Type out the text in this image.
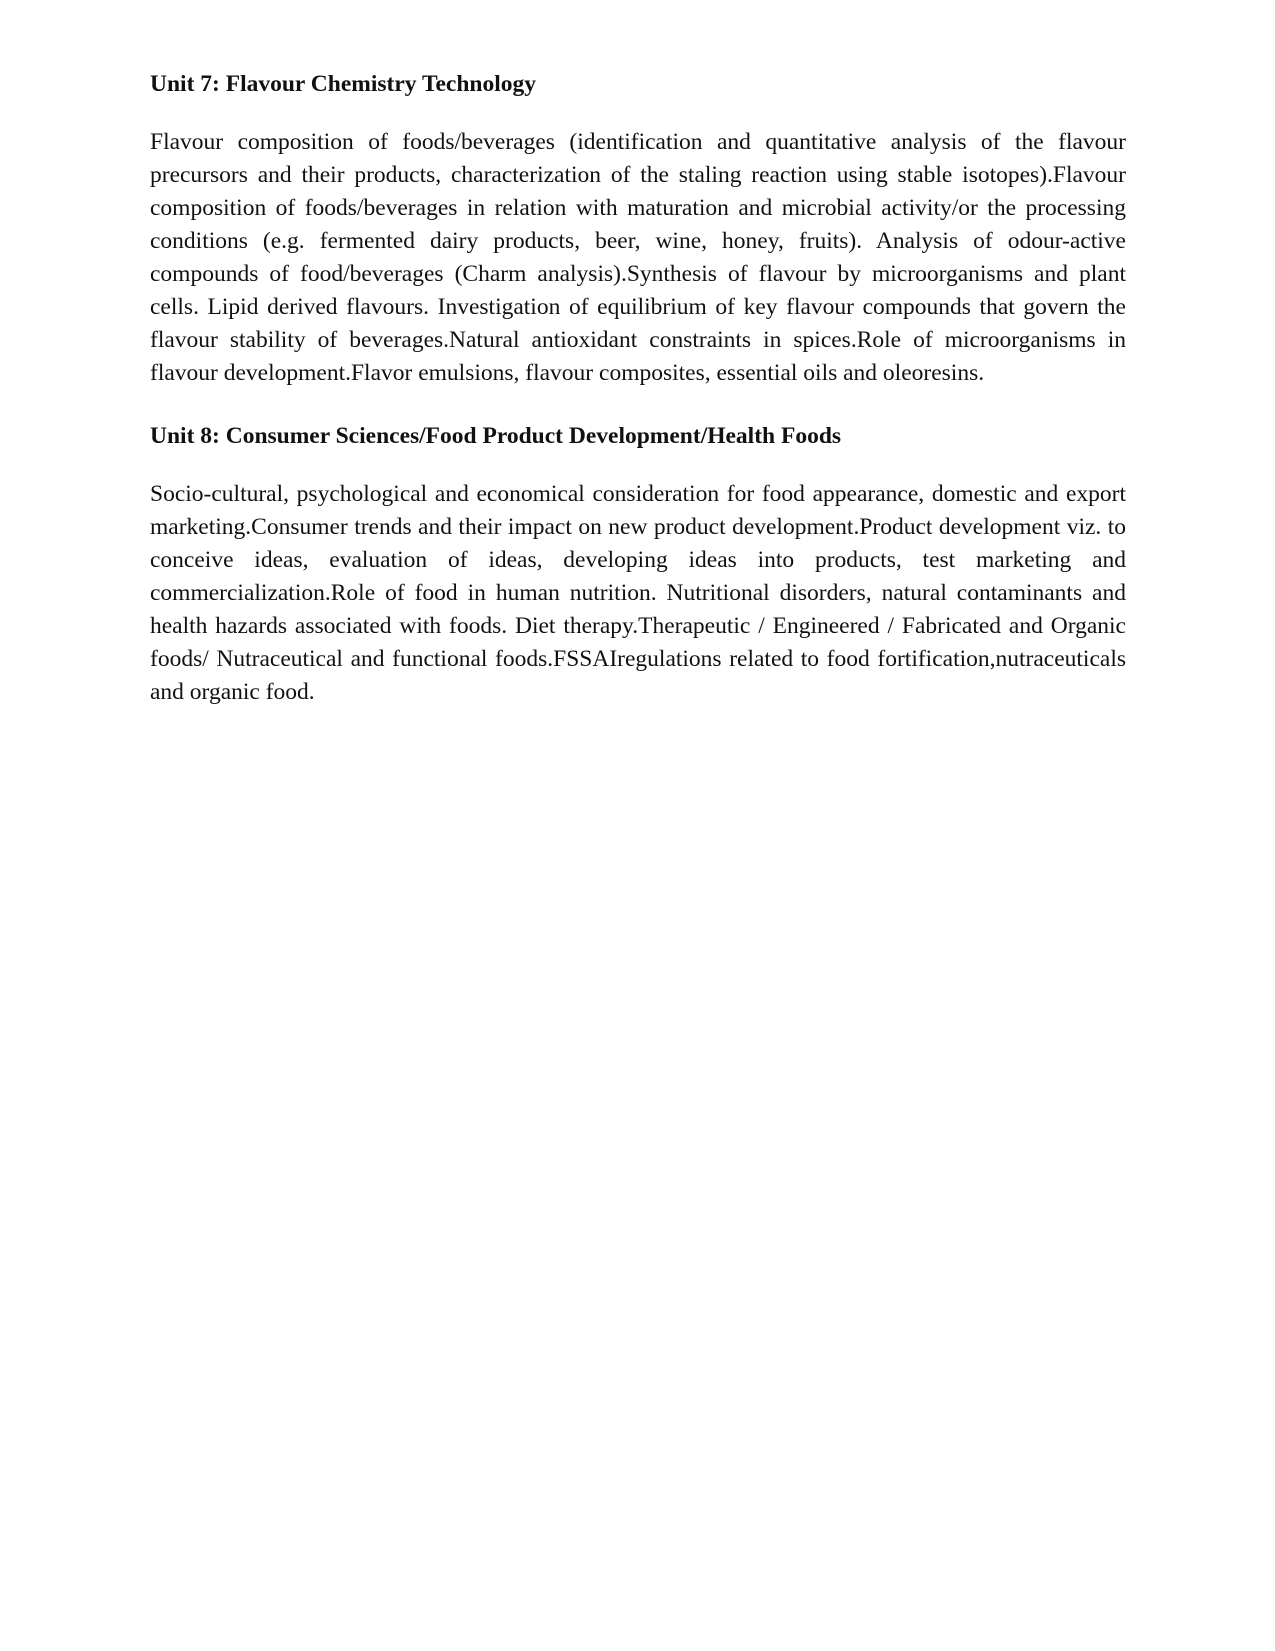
Unit 7: Flavour Chemistry Technology

Flavour composition of foods/beverages (identification and quantitative analysis of the flavour precursors and their products, characterization of the staling reaction using stable isotopes).Flavour composition of foods/beverages in relation with maturation and microbial activity/or the processing conditions (e.g. fermented dairy products, beer, wine, honey, fruits). Analysis of odour-active compounds of food/beverages (Charm analysis).Synthesis of flavour by microorganisms and plant cells. Lipid derived flavours. Investigation of equilibrium of key flavour compounds that govern the flavour stability of beverages.Natural antioxidant constraints in spices.Role of microorganisms in flavour development.Flavor emulsions, flavour composites, essential oils and oleoresins.

Unit 8: Consumer Sciences/Food Product Development/Health Foods

Socio-cultural, psychological and economical consideration for food appearance, domestic and export marketing.Consumer trends and their impact on new product development.Product development viz. to conceive ideas, evaluation of ideas, developing ideas into products, test marketing and commercialization.Role of food in human nutrition. Nutritional disorders, natural contaminants and health hazards associated with foods. Diet therapy.Therapeutic / Engineered / Fabricated and Organic foods/ Nutraceutical and functional foods.FSSAIregulations related to food fortification,nutraceuticals and organic food.
